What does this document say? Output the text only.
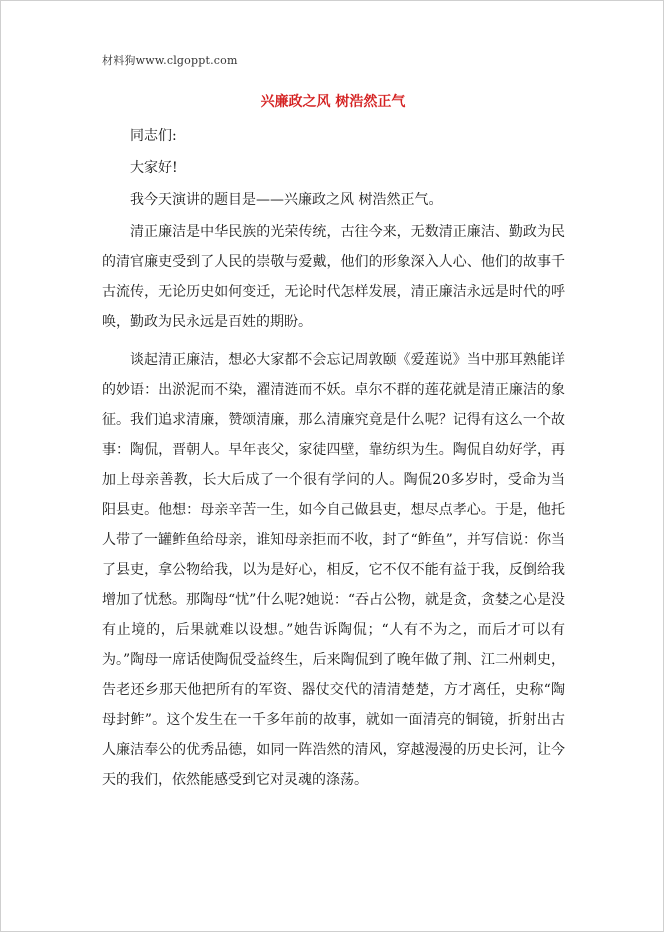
材料狗www.clgoppt.com
兴廉政之风 树浩然正气

同志们:

大家好!

我今天演讲的题目是——兴廉政之风 树浩然正气。

清正廉洁是中华民族的光荣传统，古往今来，无数清正廉洁、勤政为民的清官廉吏受到了人民的崇敬与爱戴，他们的形象深入人心、他们的故事千古流传，无论历史如何变迁，无论时代怎样发展，清正廉洁永远是时代的呼唤，勤政为民永远是百姓的期盼。

谈起清正廉洁，想必大家都不会忘记周敦颐《爱莲说》当中那耳熟能详的妙语：出淤泥而不染，濯清涟而不妖。卓尔不群的莲花就是清正廉洁的象征。我们追求清廉，赞颂清廉，那么清廉究竟是什么呢？记得有这么一个故事：陶侃，晋朝人。早年丧父，家徒四壁，靠纺织为生。陶侃自幼好学，再加上母亲善教，长大后成了一个很有学问的人。陶侃20多岁时，受命为当阳县吏。他想：母亲辛苦一生，如今自己做县吏，想尽点孝心。于是，他托人带了一罐鲊鱼给母亲，谁知母亲拒而不收，封了“鲊鱼”，并写信说：你当了县吏，拿公物给我，以为是好心，相反，它不仅不能有益于我，反倒给我增加了忧愁。那陶母“忧”什么呢?她说：“吞占公物，就是贪，贪婪之心是没有止境的，后果就难以设想。”她告诉陶侃；“人有不为之，而后才可以有为。”陶母一席话使陶侃受益终生，后来陶侃到了晚年做了荆、江二州刺史，告老还乡那天他把所有的军资、器仗交代的清清楚楚，方才离任，史称“陶母封鲊”。这个发生在一千多年前的故事，就如一面清亮的铜镜，折射出古人廉洁奉公的优秀品德，如同一阵浩然的清风，穿越漫漫的历史长河，让今天的我们，依然能感受到它对灵魂的涤荡。
